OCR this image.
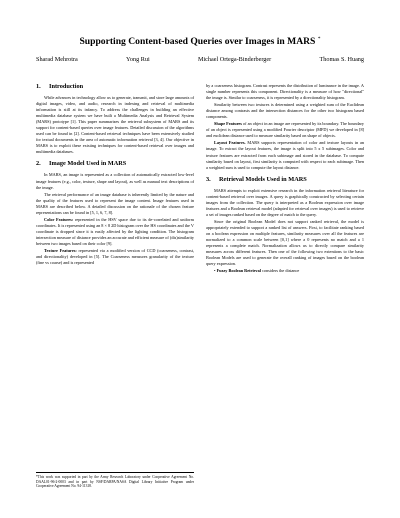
Supporting Content-based Queries over Images in MARS *
Sharad Mehrotra	Yong Rui	Michael Ortega-Binderberger	Thomas S. Huang
1. Introduction

While advances in technology allow us to generate, transmit, and store large amounts of digital images, video, and audio, research in indexing and retrieval of multimedia information is still at its infancy. To address the challenges in building an effective multimedia database system we have built a Multimedia Analysis and Retrieval System (MARS) prototype [1]. This paper summarizes the retrieval subsystem of MARS and its support for content-based queries over image features. Detailed discussion of the algorithms used can be found in [2]. Content-based retrieval techniques have been extensively studied for textual documents in the area of automatic information retrieval [3, 4]. Our objective in MARS is to exploit these existing techniques for content-based retrieval over images and multimedia databases.

2. Image Model Used in MARS

In MARS, an image is represented as a collection of automatically extracted low-level image features (e.g., color, texture, shape and layout), as well as manual text descriptions of the image.

The retrieval performance of an image database is inherently limited by the nature and the quality of the features used to represent the image content. Image features used in MARS are described below. A detailed discussion on the rationale of the chosen feature representations can be found in [5, 1, 6, 7, 8].

Color Features: represented in the HSV space due to its de-correlated and uniform coordinates. It is represented using an 8 × 8 2D histogram over the HS coordinates and the V coordinate is dropped since it is easily affected by the lighting condition. The histogram intersection measure of distance provides an accurate and efficient measure of (dis)similarity between two images based on their color [9].

Texture Features: represented via a modified version of CCD (coarseness, contrast, and directionality) developed in [5]. The Coarseness measures granularity of the texture (fine vs coarse) and is represented

*This work was supported in part by the Army Research Laboratory under Cooperative Agreement No. DAAL01-96-2-0003 and in part by NSF/DARPA/NASA Digital Library Initiative Program under Cooperative Agreement No. 94-11318.

by a coarseness histogram. Contrast represents the distribution of luminance in the image. A single number represents this component. Directionality is a measure of how "directional" the image is. Similar to coarseness, it is represented by a directionality histogram.

Similarity between two textures is determined using a weighted sum of the Euclidean distance among contrasts and the intersection distances for the other two histogram based components.

Shape Features of an object in an image are represented by its boundary. The boundary of an object is represented using a modified Fourier descriptor (MFD) we developed in [8] and euclidean distance used to measure similarity based on shape of objects.

Layout Features. MARS supports representation of color and texture layouts in an image. To extract the layout features, the image is split into 5 x 5 subimages. Color and texture features are extracted from each subimage and stored in the database. To compute similarity based on layout, first similarity is computed with respect to each subimage. Then a weighted sum is used to compute the layout distance.

3. Retrieval Models Used in MARS

MARS attempts to exploit extensive research in the information retrieval literature for content-based retrieval over images. A query is graphically constructed by selecting certain images from the collection. The query is interpreted as a Boolean expression over image features and a Boolean retrieval model (adapted for retrieval over images) is used to retrieve a set of images ranked based on the degree of match to the query.

Since the original Boolean Model does not support ranked retrieval, the model is appropriately extended to support a ranked list of answers. First, to facilitate ranking based on a boolean expression on multiple features, similarity measures over all the features are normalized to a common scale between [0,1] where a 0 represents no match and a 1 represents a complete match. Normalization allows us to directly compare similarity measures across different features. Then one of the following two extentions to the basic Boolean Models are used to generate the overall ranking of images based on the boolean query expression.

• Fuzzy Boolean Retrieval considers the distance
